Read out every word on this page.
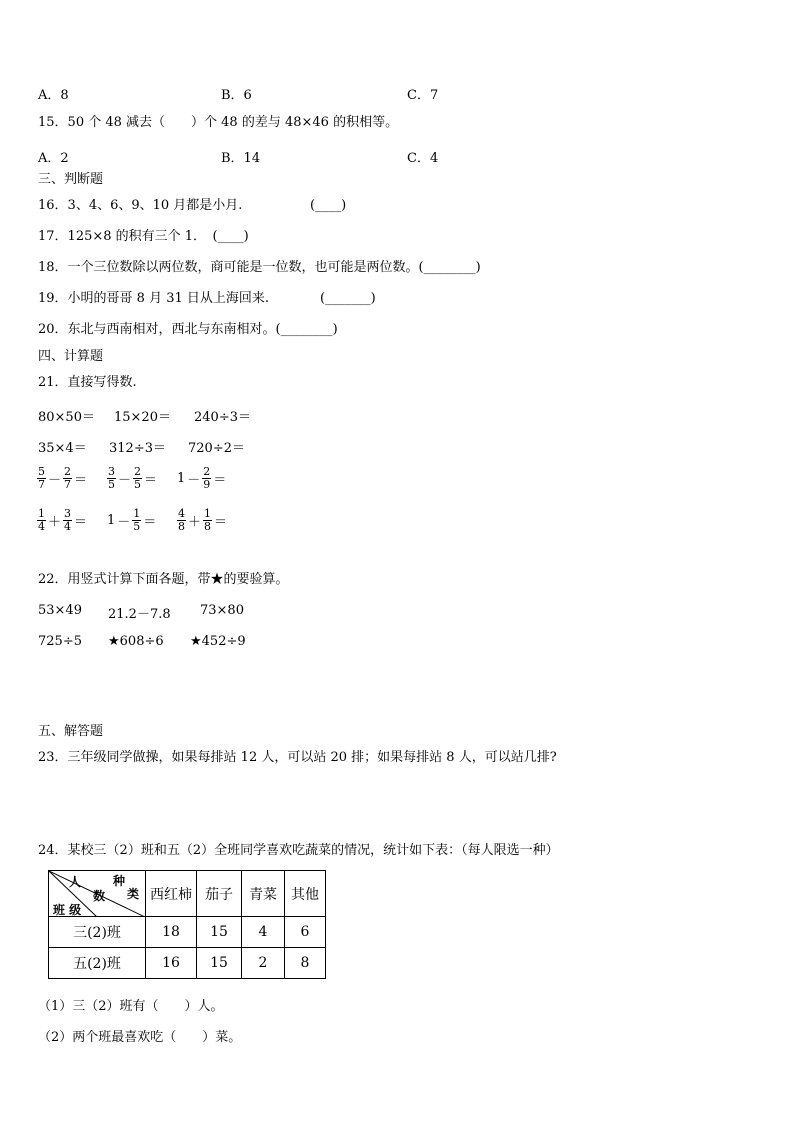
A．8	B．6	C．7
15．50 个 48 减去（　　）个 48 的差与 48×46 的积相等。
A．2	B．14	C．4
三、判断题
16．3、4、6、9、10 月都是小月.	(____)
17．125×8 的积有三个 1．　(____)
18．一个三位数除以两位数，商可能是一位数，也可能是两位数。(________)
19．小明的哥哥 8 月 31 日从上海回来.	(_______)
20．东北与西南相对，西北与东南相对。(________)
四、计算题
21．直接写得数.
80×50＝ 15×20＝ 240÷3＝
35×4＝ 312÷3＝ 720÷2＝
$\frac{5}{7} - \frac{2}{7} = \frac{3}{5} - \frac{2}{5} = 1 - \frac{2}{9}$ ＝
$\frac{1}{4} + \frac{3}{4} = 1 - \frac{1}{5} = \frac{4}{8} + \frac{1}{8}$ ＝
22．用竖式计算下面各题，带★的要验算。
53×49 21.2－7.8 73×80
725÷5 ★608÷6 ★452÷9
五、解答题
23．三年级同学做操，如果每排站 12 人，可以站 20 排；如果每排站 8 人，可以站几排?
24．某校三（2）班和五（2）全班同学喜欢吃蔬菜的情况，统计如下表：（每人限选一种）
人
数
种
类
班 级	西红柿	茄子	青菜	其他
三(2)班	18	15	4	6
五(2)班	16	15	2	8
（1）三（2）班有（　　）人。
（2）两个班最喜欢吃（　　）菜。
